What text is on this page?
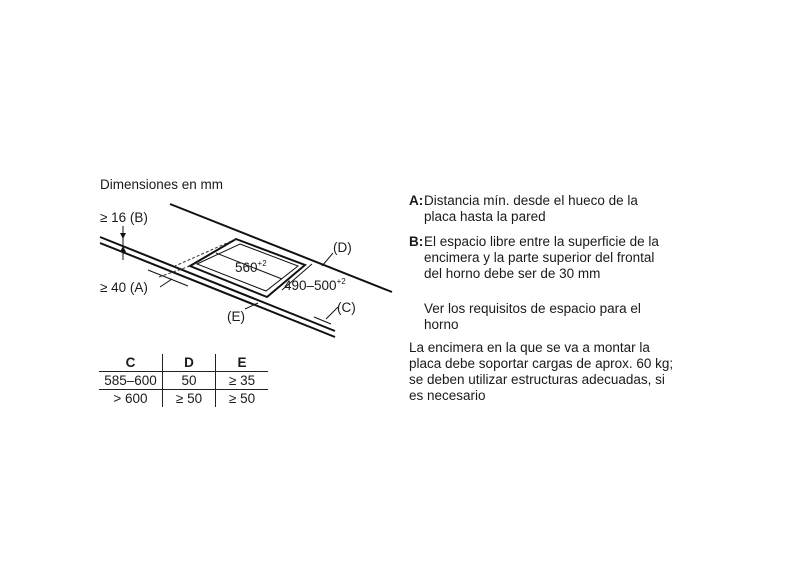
Dimensiones en mm
≥ 16 (B)
≥ 40 (A)
(D)
(C)
(E)
$560^{+2}$
$490-500^{+2}$
C	D	E
585–600	50	≥ 35
> 600	≥ 50	≥ 50
A: Distancia mín. desde el hueco de la
placa hasta la pared
B: El espacio libre entre la superficie de la
encimera y la parte superior del frontal
del horno debe ser de 30 mm
Ver los requisitos de espacio para el
horno
La encimera en la que se va a montar la
placa debe soportar cargas de aprox. 60 kg;
se deben utilizar estructuras adecuadas, si
es necesario
